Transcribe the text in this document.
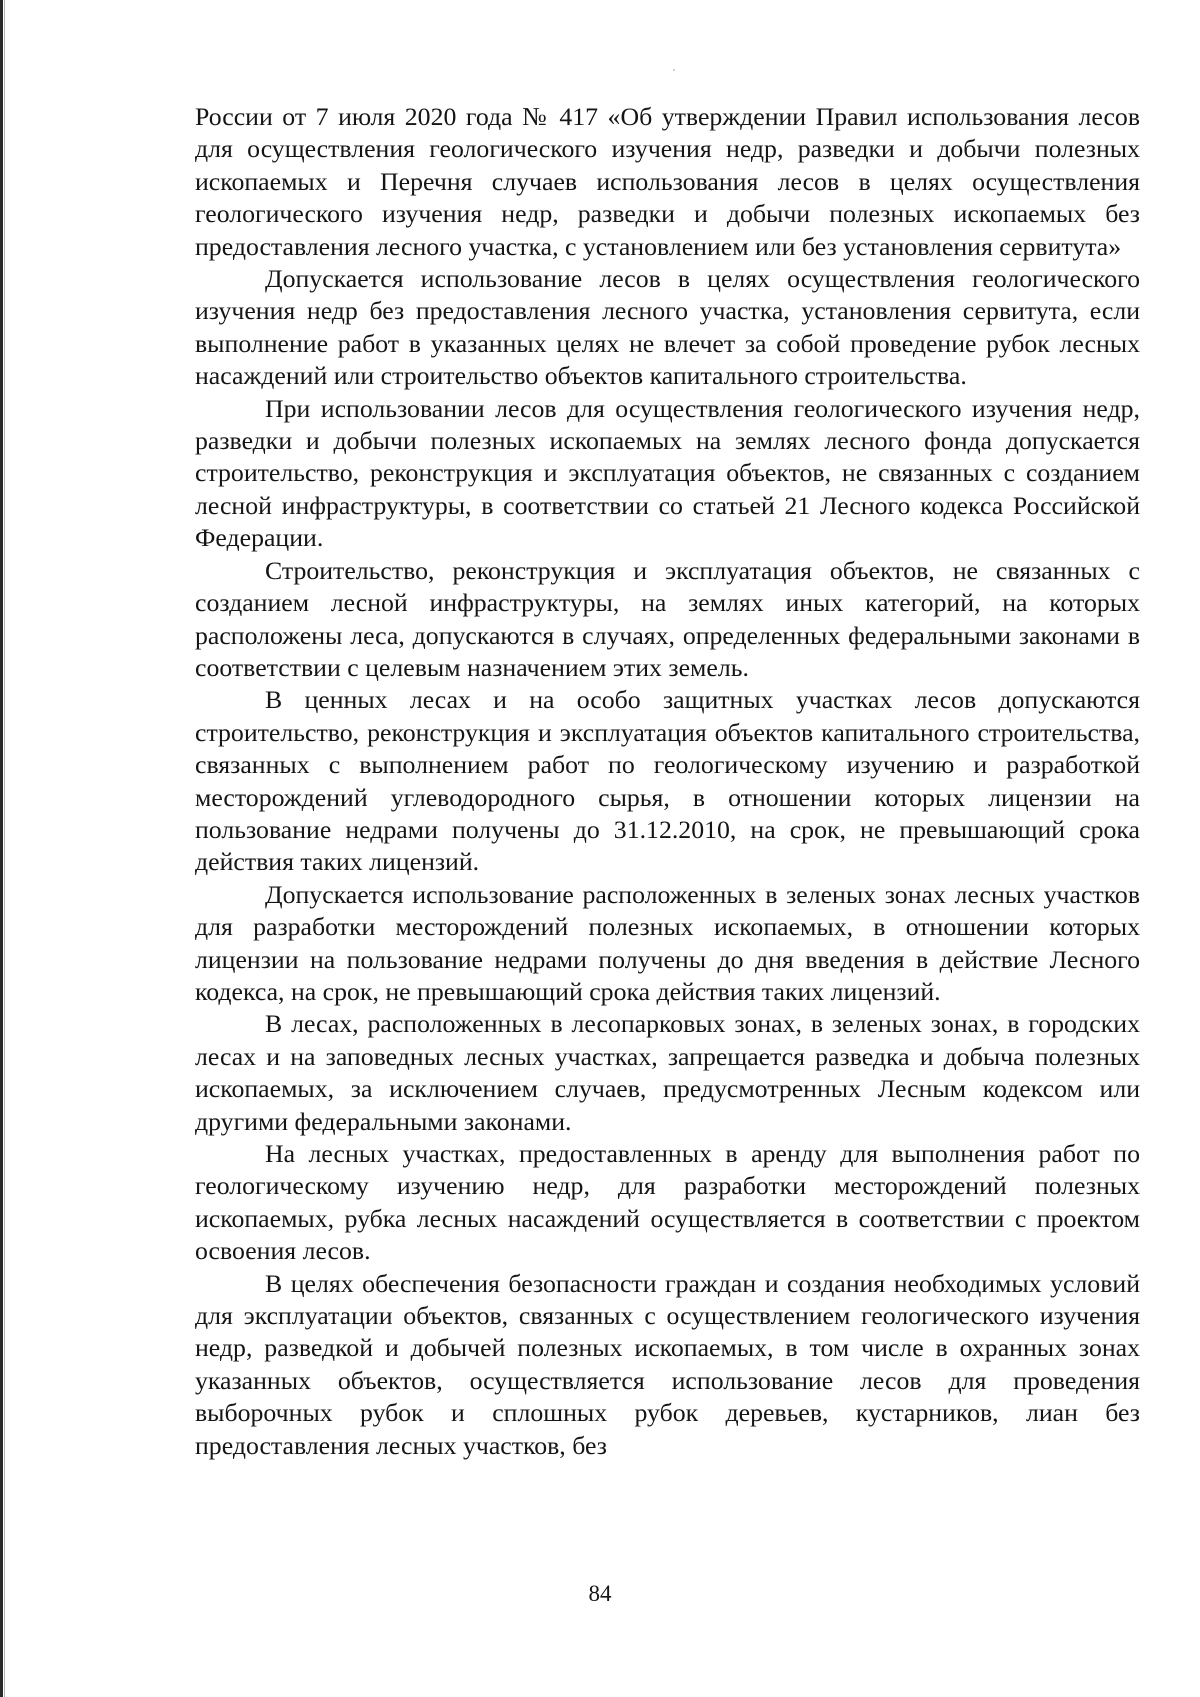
России от 7 июля 2020 года № 417 «Об утверждении Правил использования лесов для осуществления геологического изучения недр, разведки и добычи полезных ископаемых и Перечня случаев использования лесов в целях осуществления геологического изучения недр, разведки и добычи полезных ископаемых без предоставления лесного участка, с установлением или без установления сервитута»

Допускается использование лесов в целях осуществления геологического изучения недр без предоставления лесного участка, установления сервитута, если выполнение работ в указанных целях не влечет за собой проведение рубок лесных насаждений или строительство объектов капитального строительства.

При использовании лесов для осуществления геологического изучения недр, разведки и добычи полезных ископаемых на землях лесного фонда допускается строительство, реконструкция и эксплуатация объектов, не связанных с созданием лесной инфраструктуры, в соответствии со статьей 21 Лесного кодекса Российской Федерации.

Строительство, реконструкция и эксплуатация объектов, не связанных с созданием лесной инфраструктуры, на землях иных категорий, на которых расположены леса, допускаются в случаях, определенных федеральными законами в соответствии с целевым назначением этих земель.

В ценных лесах и на особо защитных участках лесов допускаются строительство, реконструкция и эксплуатация объектов капитального строительства, связанных с выполнением работ по геологическому изучению и разработкой месторождений углеводородного сырья, в отношении которых лицензии на пользование недрами получены до 31.12.2010, на срок, не превышающий срока действия таких лицензий.

Допускается использование расположенных в зеленых зонах лесных участков для разработки месторождений полезных ископаемых, в отношении которых лицензии на пользование недрами получены до дня введения в действие Лесного кодекса, на срок, не превышающий срока действия таких лицензий.

В лесах, расположенных в лесопарковых зонах, в зеленых зонах, в городских лесах и на заповедных лесных участках, запрещается разведка и добыча полезных ископаемых, за исключением случаев, предусмотренных Лесным кодексом или другими федеральными законами.

На лесных участках, предоставленных в аренду для выполнения работ по геологическому изучению недр, для разработки месторождений полезных ископаемых, рубка лесных насаждений осуществляется в соответствии с проектом освоения лесов.

В целях обеспечения безопасности граждан и создания необходимых условий для эксплуатации объектов, связанных с осуществлением геологического изучения недр, разведкой и добычей полезных ископаемых, в том числе в охранных зонах указанных объектов, осуществляется использование лесов для проведения выборочных рубок и сплошных рубок деревьев, кустарников, лиан без предоставления лесных участков, без

84
